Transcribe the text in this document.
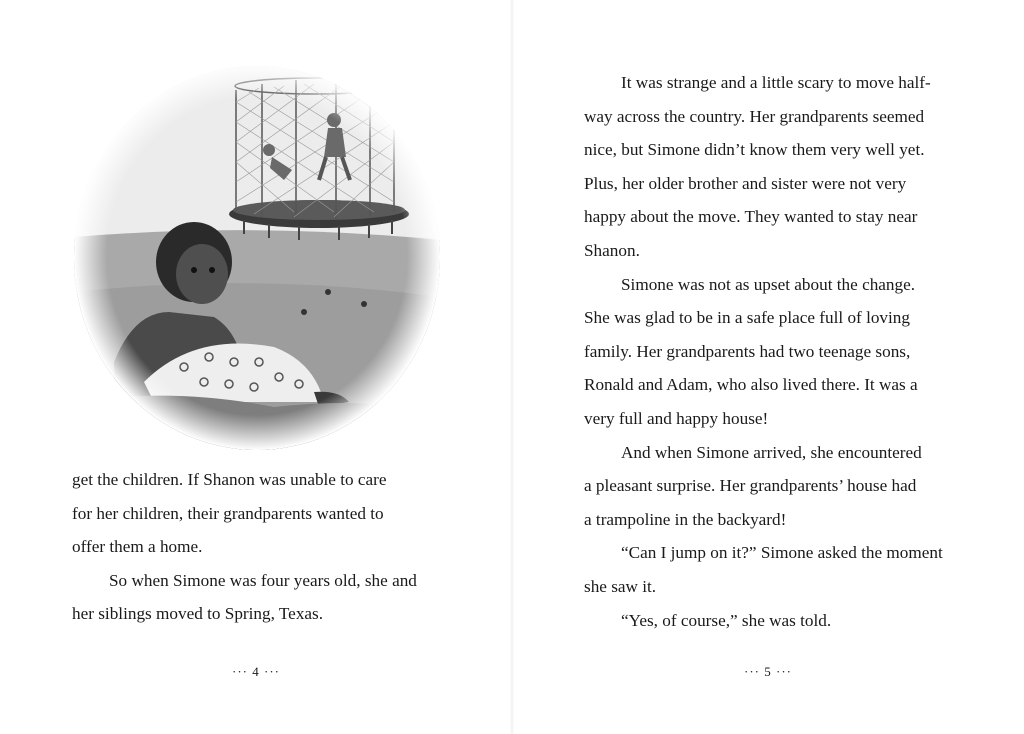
get the children. If Shanon was unable to care
for her children, their grandparents wanted to
offer them a home.
So when Simone was four years old, she and
her siblings moved to Spring, Texas.
··· 4 ···
It was strange and a little scary to move half-
way across the country. Her grandparents seemed
nice, but Simone didn’t know them very well yet.
Plus, her older brother and sister were not very
happy about the move. They wanted to stay near
Shanon.
Simone was not as upset about the change.
She was glad to be in a safe place full of loving
family. Her grandparents had two teenage sons,
Ronald and Adam, who also lived there. It was a
very full and happy house!
And when Simone arrived, she encountered
a pleasant surprise. Her grandparents’ house had
a trampoline in the backyard!
“Can I jump on it?” Simone asked the moment
she saw it.
“Yes, of course,” she was told.
··· 5 ···
